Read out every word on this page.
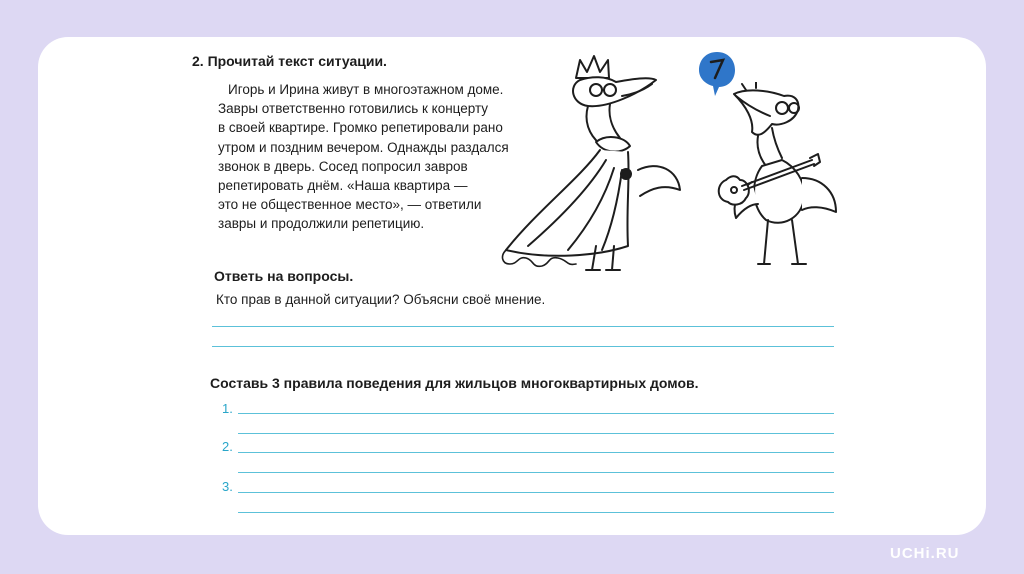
2. Прочитай текст ситуации.
Игорь и Ирина живут в многоэтажном доме.
Завры ответственно готовились к концерту
в своей квартире. Громко репетировали рано
утром и поздним вечером. Однажды раздался
звонок в дверь. Сосед попросил завров
репетировать днём. «Наша квартира —
это не общественное место», — ответили
завры и продолжили репетицию.
Ответь на вопросы.
Кто прав в данной ситуации? Объясни своё мнение.
Составь 3 правила поведения для жильцов многоквартирных домов.
1.
2.
3.
UCHi.RU
